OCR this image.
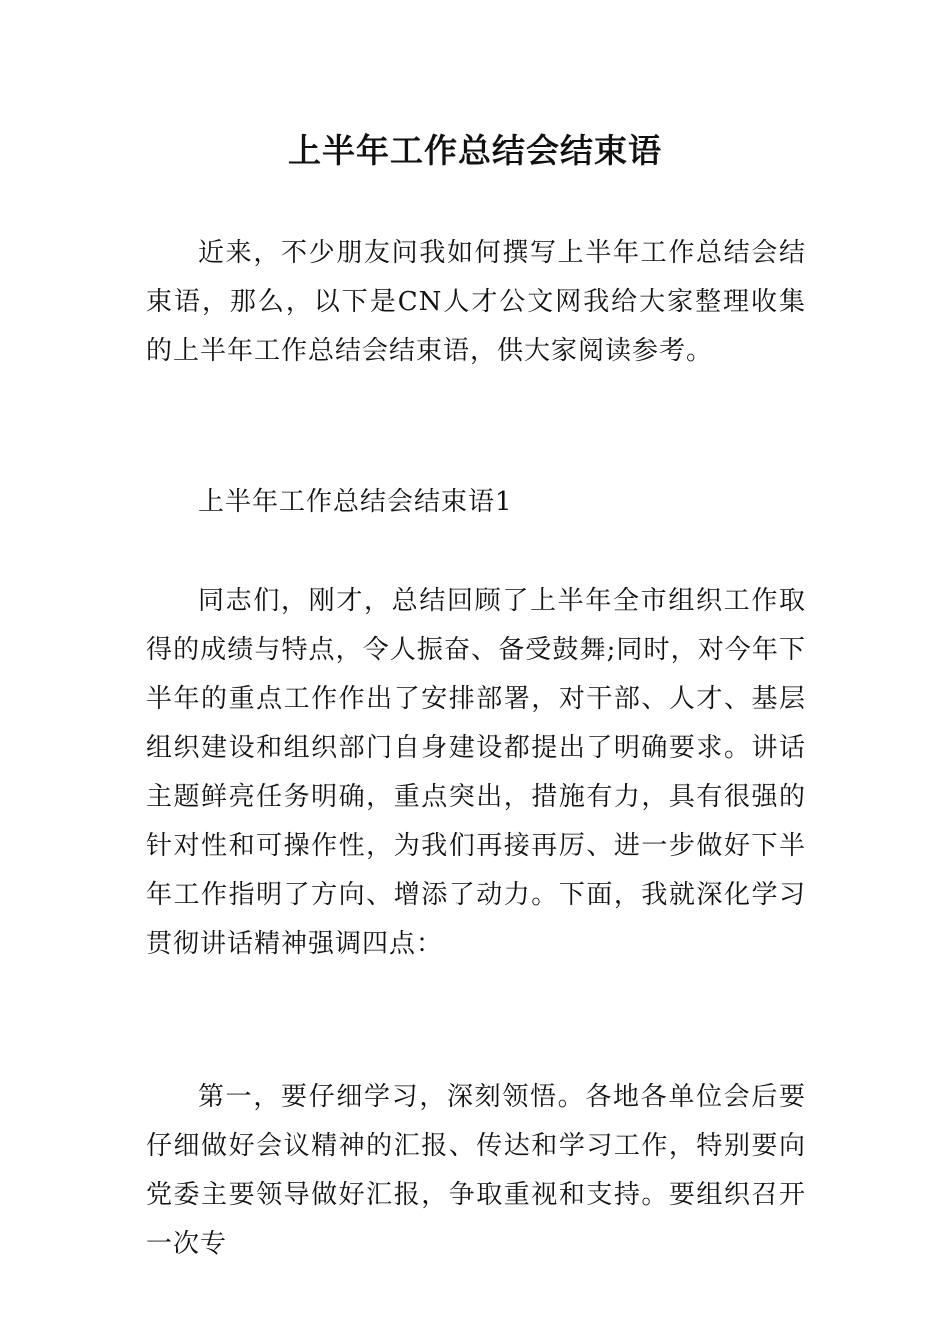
上半年工作总结会结束语

近来，不少朋友问我如何撰写上半年工作总结会结束语，那么，以下是CN人才公文网我给大家整理收集的上半年工作总结会结束语，供大家阅读参考。

上半年工作总结会结束语1

同志们，刚才，总结回顾了上半年全市组织工作取得的成绩与特点，令人振奋、备受鼓舞;同时，对今年下半年的重点工作作出了安排部署，对干部、人才、基层组织建设和组织部门自身建设都提出了明确要求。讲话主题鲜亮任务明确，重点突出，措施有力，具有很强的针对性和可操作性，为我们再接再厉、进一步做好下半年工作指明了方向、增添了动力。下面，我就深化学习贯彻讲话精神强调四点：

第一，要仔细学习，深刻领悟。各地各单位会后要仔细做好会议精神的汇报、传达和学习工作，特别要向党委主要领导做好汇报，争取重视和支持。要组织召开一次专
